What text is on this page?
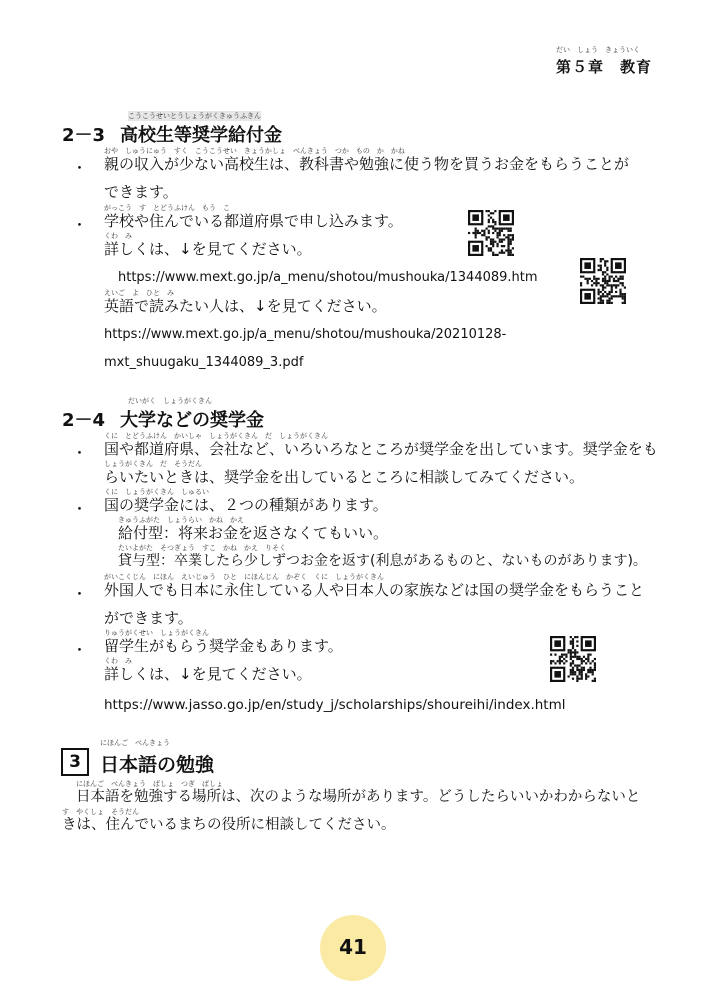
だい　しょう　きょういく
第５章　教育
こうこうせいとうしょうがくきゅうふきん
2－3 高校生等奨学給付金
・
おや　しゅうにゅう　すく　こうこうせい　きょうかしょ　べんきょう　つか　もの　か　かね
親の収入が少ない高校生は、教科書や勉強に使う物を買うお金をもらうことが
できます。
・
がっこう　す　とどうふけん　もう　こ
学校や住んでいる都道府県で申し込みます。
くわ　み
詳しくは、↓を見てください。
https://www.mext.go.jp/a_menu/shotou/mushouka/1344089.htm
えいご　よ　ひと　み
英語で読みたい人は、↓を見てください。
https://www.mext.go.jp/a_menu/shotou/mushouka/20210128-
mxt_shuugaku_1344089_3.pdf
だいがく　しょうがくきん
2－4 大学などの奨学金
・
くに　とどうふけん　かいしゃ　しょうがくきん　だ　しょうがくきん
国や都道府県、会社など、いろいろなところが奨学金を出しています。奨学金をも
しょうがくきん　だ　そうだん
らいたいときは、奨学金を出しているところに相談してみてください。
・
くに　しょうがくきん　しゅるい
国の奨学金には、２つの種類があります。
きゅうふがた　しょうらい　かね　かえ
給付型：将来お金を返さなくてもいい。
たいよがた　そつぎょう　すこ　かね　かえ　りそく
貸与型：卒業したら少しずつお金を返す(利息があるものと、ないものがあります)。
・
がいこくじん　にほん　えいじゅう　ひと　にほんじん　かぞく　くに　しょうがくきん
外国人でも日本に永住している人や日本人の家族などは国の奨学金をもらうこと
ができます。
・
りゅうがくせい　しょうがくきん
留学生がもらう奨学金もあります。
くわ　み
詳しくは、↓を見てください。
https://www.jasso.go.jp/en/study_j/scholarships/shoureihi/index.html
3
にほんご　べんきょう
日本語の勉強
にほんご　べんきょう　ばしょ　つぎ　ばしょ
日本語を勉強する場所は、次のような場所があります。どうしたらいいかわからないと
す　やくしょ　そうだん
きは、住んでいるまちの役所に相談してください。
41
